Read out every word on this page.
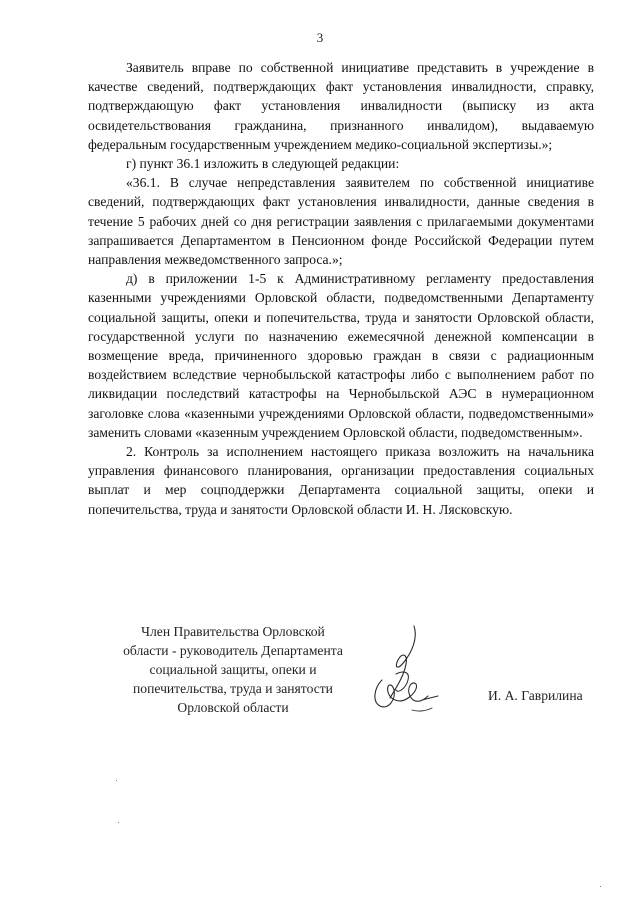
3

Заявитель вправе по собственной инициативе представить в учреждение в качестве сведений, подтверждающих факт установления инвалидности, справку, подтверждающую факт установления инвалидности (выписку из акта освидетельствования гражданина, признанного инвалидом), выдаваемую федеральным государственным учреждением медико-социальной экспертизы.»;

г) пункт 36.1 изложить в следующей редакции:

«36.1. В случае непредставления заявителем по собственной инициативе сведений, подтверждающих факт установления инвалидности, данные сведения в течение 5 рабочих дней со дня регистрации заявления с прилагаемыми документами запрашивается Департаментом в Пенсионном фонде Российской Федерации путем направления межведомственного запроса.»;

д) в приложении 1-5 к Административному регламенту предоставления казенными учреждениями Орловской области, подведомственными Департаменту социальной защиты, опеки и попечительства, труда и занятости Орловской области, государственной услуги по назначению ежемесячной денежной компенсации в возмещение вреда, причиненного здоровью граждан в связи с радиационным воздействием вследствие чернобыльской катастрофы либо с выполнением работ по ликвидации последствий катастрофы на Чернобыльской АЭС в нумерационном заголовке слова «казенными учреждениями Орловской области, подведомственными» заменить словами «казенным учреждением Орловской области, подведомственным».

2. Контроль за исполнением настоящего приказа возложить на начальника управления финансового планирования, организации предоставления социальных выплат и мер соцподдержки Департамента социальной защиты, опеки и попечительства, труда и занятости Орловской области И. Н. Лясковскую.

Член Правительства Орловской
области - руководитель Департамента
социальной защиты, опеки и
попечительства, труда и занятости
Орловской области
И. А. Гаврилина
